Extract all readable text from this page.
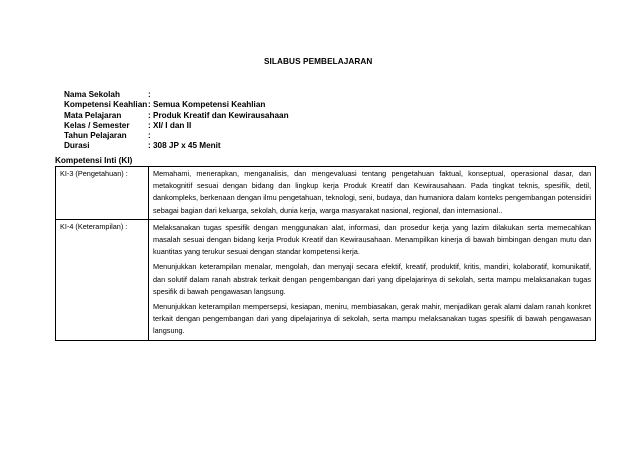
SILABUS PEMBELAJARAN
Nama Sekolah	:
Kompetensi Keahlian : Semua Kompetensi Keahlian
Mata Pelajaran	: Produk Kreatif dan Kewirausahaan
Kelas / Semester	: XI/ I dan II
Tahun Pelajaran	:
Durasi	: 308 JP x 45 Menit
Kompetensi Inti (KI)
KI-3 (Pengetahuan) :	Memahami, menerapkan, menganalisis, dan mengevaluasi tentang pengetahuan faktual, konseptual, operasional dasar, dan metakognitif sesuai dengan bidang dan lingkup kerja Produk Kreatif dan Kewirausahaan. Pada tingkat teknis, spesifik, detil, dankompleks, berkenaan dengan ilmu pengetahuan, teknologi, seni, budaya, dan humaniora dalam konteks pengembangan potensidiri sebagai bagian dari keluarga, sekolah, dunia kerja, warga masyarakat nasional, regional, dan internasional..

KI-4 (Keterampilan) :	Melaksanakan tugas spesifik dengan menggunakan alat, informasi, dan prosedur kerja yang lazim dilakukan serta memecahkan masalah sesuai dengan bidang kerja Produk Kreatif dan Kewirausahaan. Menampilkan kinerja di bawah bimbingan dengan mutu dan kuantitas yang terukur sesuai dengan standar kompetensi kerja.

Menunjukkan keterampilan menalar, mengolah, dan menyaji secara efektif, kreatif, produktif, kritis, mandiri, kolaboratif, komunikatif, dan solutif dalam ranah abstrak terkait dengan pengembangan dari yang dipelajarinya di sekolah, serta mampu melaksanakan tugas spesifik di bawah pengawasan langsung.

Menunjukkan keterampilan mempersepsi, kesiapan, meniru, membiasakan, gerak mahir, menjadikan gerak alami dalam ranah konkret terkait dengan pengembangan dari yang dipelajarinya di sekolah, serta mampu melaksanakan tugas spesifik di bawah pengawasan langsung.
